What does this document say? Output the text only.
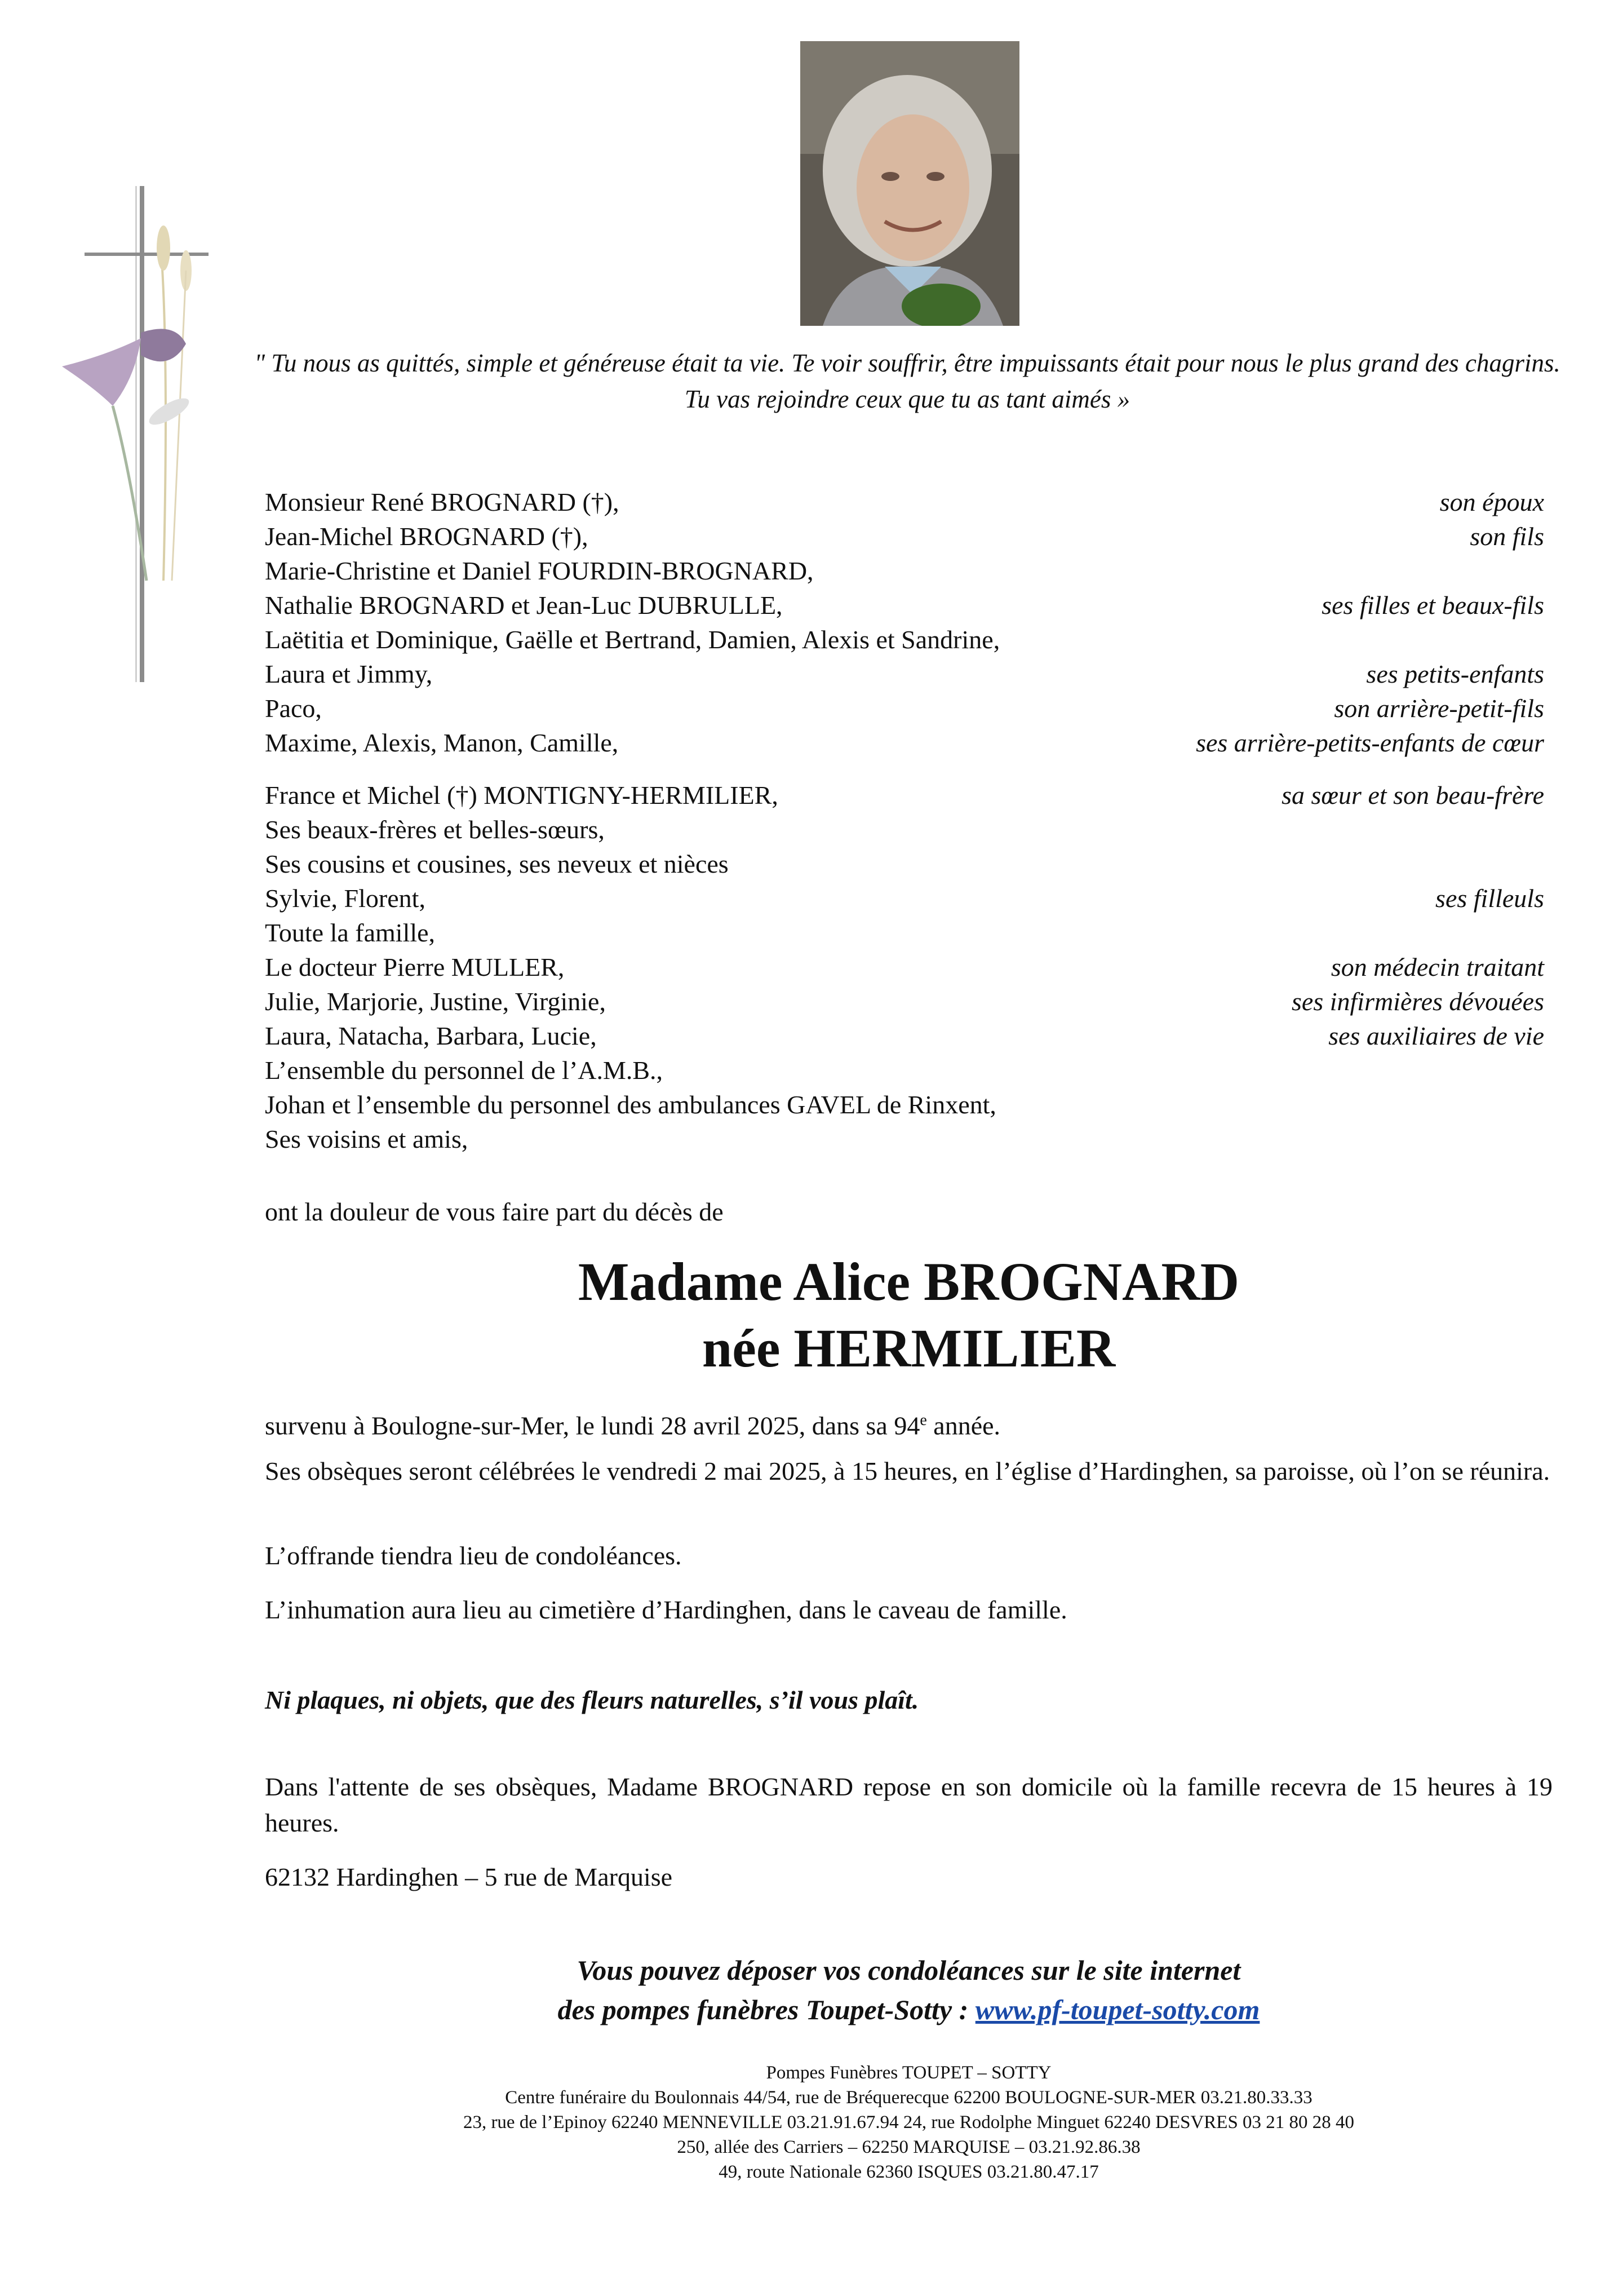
" Tu nous as quittés, simple et généreuse était ta vie. Te voir souffrir, être impuissants était pour nous le plus grand des chagrins. Tu vas rejoindre ceux que tu as tant aimés »
Monsieur René BROGNARD (†),	son époux
Jean-Michel BROGNARD (†),	son fils
Marie-Christine et Daniel FOURDIN-BROGNARD,
Nathalie BROGNARD et Jean-Luc DUBRULLE,	ses filles et beaux-fils
Laëtitia et Dominique, Gaëlle et Bertrand, Damien, Alexis et Sandrine,
Laura et Jimmy,	ses petits-enfants
Paco,	son arrière-petit-fils
Maxime, Alexis, Manon, Camille,	ses arrière-petits-enfants de cœur
France et Michel (†) MONTIGNY-HERMILIER,	sa sœur et son beau-frère
Ses beaux-frères et belles-sœurs,
Ses cousins et cousines, ses neveux et nièces
Sylvie, Florent,	ses filleuls
Toute la famille,
Le docteur Pierre MULLER,	son médecin traitant
Julie, Marjorie, Justine, Virginie,	ses infirmières dévouées
Laura, Natacha, Barbara, Lucie,	ses auxiliaires de vie
L’ensemble du personnel de l’A.M.B.,
Johan et l’ensemble du personnel des ambulances GAVEL de Rinxent,
Ses voisins et amis,
ont la douleur de vous faire part du décès de
Madame Alice BROGNARD
née HERMILIER
survenu à Boulogne-sur-Mer, le lundi 28 avril 2025, dans sa 94e année.
Ses obsèques seront célébrées le vendredi 2 mai 2025, à 15 heures, en l’église d’Hardinghen, sa paroisse, où l’on se réunira.
L’offrande tiendra lieu de condoléances.
L’inhumation aura lieu au cimetière d’Hardinghen, dans le caveau de famille.
Ni plaques, ni objets, que des fleurs naturelles, s’il vous plaît.
Dans l'attente de ses obsèques, Madame BROGNARD repose en son domicile où la famille recevra de 15 heures à 19 heures.
62132 Hardinghen – 5 rue de Marquise
Vous pouvez déposer vos condoléances sur le site internet
des pompes funèbres Toupet-Sotty : www.pf-toupet-sotty.com
Pompes Funèbres TOUPET – SOTTY
Centre funéraire du Boulonnais 44/54, rue de Bréquerecque 62200 BOULOGNE-SUR-MER 03.21.80.33.33
23, rue de l’Epinoy 62240 MENNEVILLE 03.21.91.67.94 24, rue Rodolphe Minguet 62240 DESVRES 03 21 80 28 40
250, allée des Carriers – 62250 MARQUISE – 03.21.92.86.38
49, route Nationale 62360 ISQUES 03.21.80.47.17
